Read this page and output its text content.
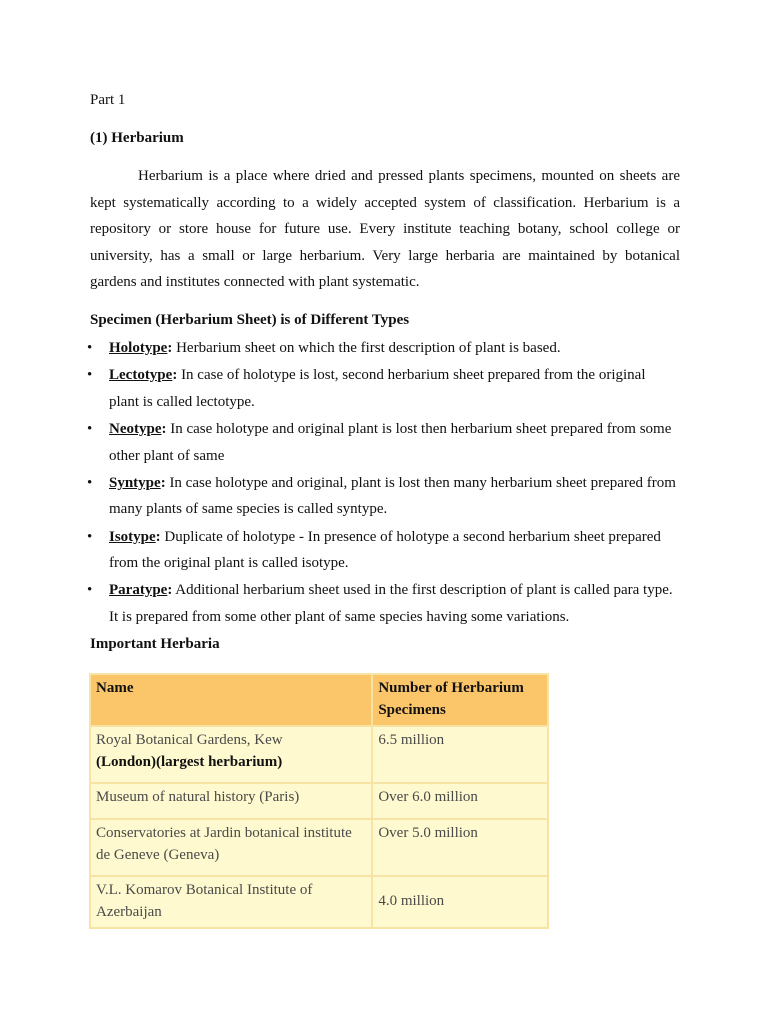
Part 1
(1) Herbarium

Herbarium is a place where dried and pressed plants specimens, mounted on sheets are kept systematically according to a widely accepted system of classification. Herbarium is a repository or store house for future use. Every institute teaching botany, school college or university, has a small or large herbarium. Very large herbaria are maintained by botanical gardens and institutes connected with plant systematic.

Specimen (Herbarium Sheet) is of Different Types
• Holotype: Herbarium sheet on which the first description of plant is based.
• Lectotype: In case of holotype is lost, second herbarium sheet prepared from the original plant is called lectotype.
• Neotype: In case holotype and original plant is lost then herbarium sheet prepared from some other plant of same
• Syntype: In case holotype and original, plant is lost then many herbarium sheet prepared from many plants of same species is called syntype.
• Isotype: Duplicate of holotype - In presence of holotype a second herbarium sheet prepared from the original plant is called isotype.
• Paratype: Additional herbarium sheet used in the first description of plant is called para type. It is prepared from some other plant of same species having some variations.
Important Herbaria
Name	Number of Herbarium Specimens
Royal Botanical Gardens, Kew
(London)(largest herbarium)	6.5 million
Museum of natural history (Paris)	Over 6.0 million
Conservatories at Jardin botanical institute de Geneve (Geneva)	Over 5.0 million
V.L. Komarov Botanical Institute of Azerbaijan	4.0 million
